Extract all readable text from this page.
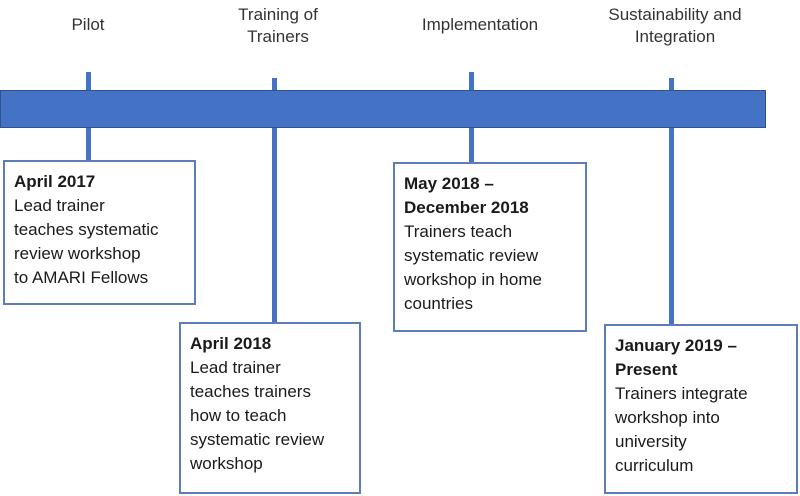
Pilot
Training of
Trainers
Implementation
Sustainability and
Integration
April 2017
Lead trainer
teaches systematic
review workshop
to AMARI Fellows
April 2018
Lead trainer
teaches trainers
how to teach
systematic review
workshop
May 2018 –
December 2018
Trainers teach
systematic review
workshop in home
countries
January 2019 –
Present
Trainers integrate
workshop into
university
curriculum
